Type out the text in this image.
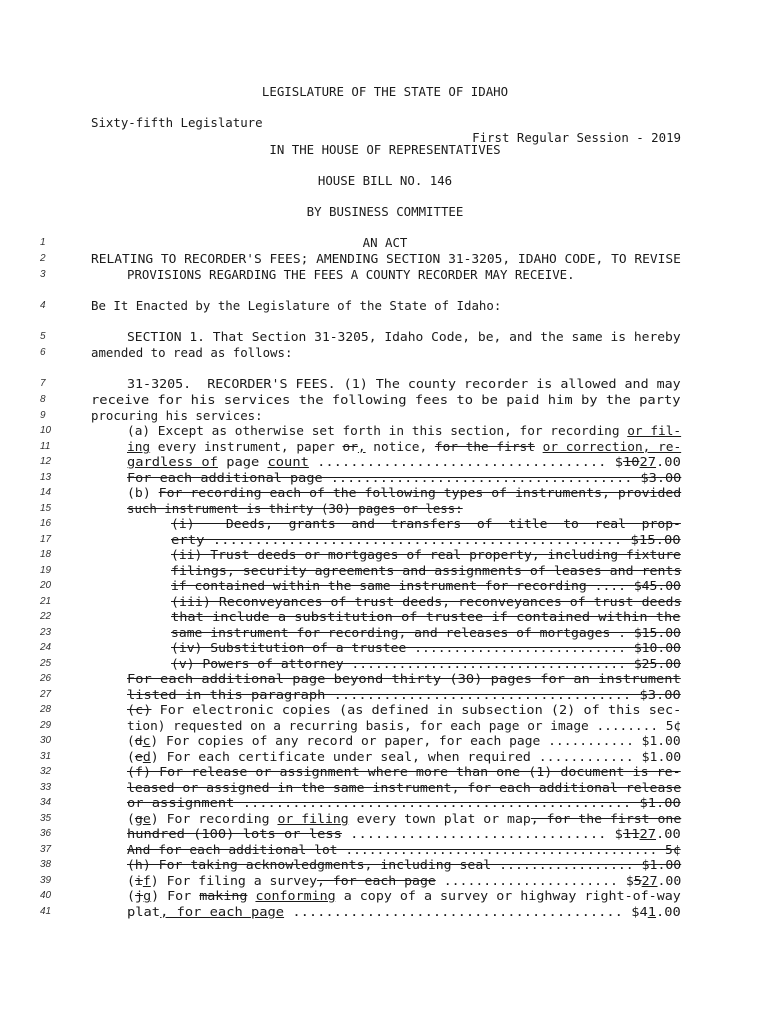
LEGISLATURE OF THE STATE OF IDAHO

Sixty-fifth Legislature

First Regular Session - 2019

IN THE HOUSE OF REPRESENTATIVES
HOUSE BILL NO. 146
BY BUSINESS COMMITTEE
1	AN ACT
2	RELATING TO RECORDER'S FEES; AMENDING SECTION 31-3205, IDAHO CODE, TO REVISE
3	PROVISIONS REGARDING THE FEES A COUNTY RECORDER MAY RECEIVE.
4	Be It Enacted by the Legislature of the State of Idaho:
5	SECTION 1. That Section 31-3205, Idaho Code, be, and the same is hereby
6	amended to read as follows:
7	31-3205.  RECORDER'S FEES. (1) The county recorder is allowed and may
8	receive for his services the following fees to be paid him by the party
9	procuring his services:
10	(a) Except as otherwise set forth in this section, for recording or fil-
11	ing every instrument, paper or, notice, for the first or correction, re-
12	gardless of page count ................................... $1027.00
13	For each additional page ..................................... $3.00
14	(b) For recording each of the following types of instruments, provided
15	such instrument is thirty (30) pages or less:
16	(i)    Deeds,  grants  and  transfers  of  title  to  real  prop-
17	erty ................................................. $15.00
18	(ii) Trust deeds or mortgages of real property, including fixture
19	filings, security agreements and assignments of leases and rents
20	if contained within the same instrument for recording .... $45.00
21	(iii) Reconveyances of trust deeds, reconveyances of trust deeds
22	that include a substitution of trustee if contained within the
23	same instrument for recording, and releases of mortgages . $15.00
24	(iv) Substitution of a trustee ........................... $10.00
25	(v) Powers of attorney ................................... $25.00
26	For each additional page beyond thirty (30) pages for an instrument
27	listed in this paragraph .................................... $3.00
28	(c) For electronic copies (as defined in subsection (2) of this sec-
29	tion) requested on a recurring basis, for each page or image ........ 5¢
30	(dc) For copies of any record or paper, for each page ........... $1.00
31	(ed) For each certificate under seal, when required ............ $1.00
32	(f) For release or assignment where more than one (1) document is re-
33	leased or assigned in the same instrument, for each additional release
34	or assignment ............................................... $1.00
35	(ge) For recording or filing every town plat or map, for the first one
36	hundred (100) lots or less ............................... $1127.00
37	And for each additional lot ........................................ 5¢
38	(h) For taking acknowledgments, including seal ................. $1.00
39	(if) For filing a survey, for each page ...................... $527.00
40	(jg) For making conforming a copy of a survey or highway right-of-way
41	plat, for each page ........................................ $41.00
